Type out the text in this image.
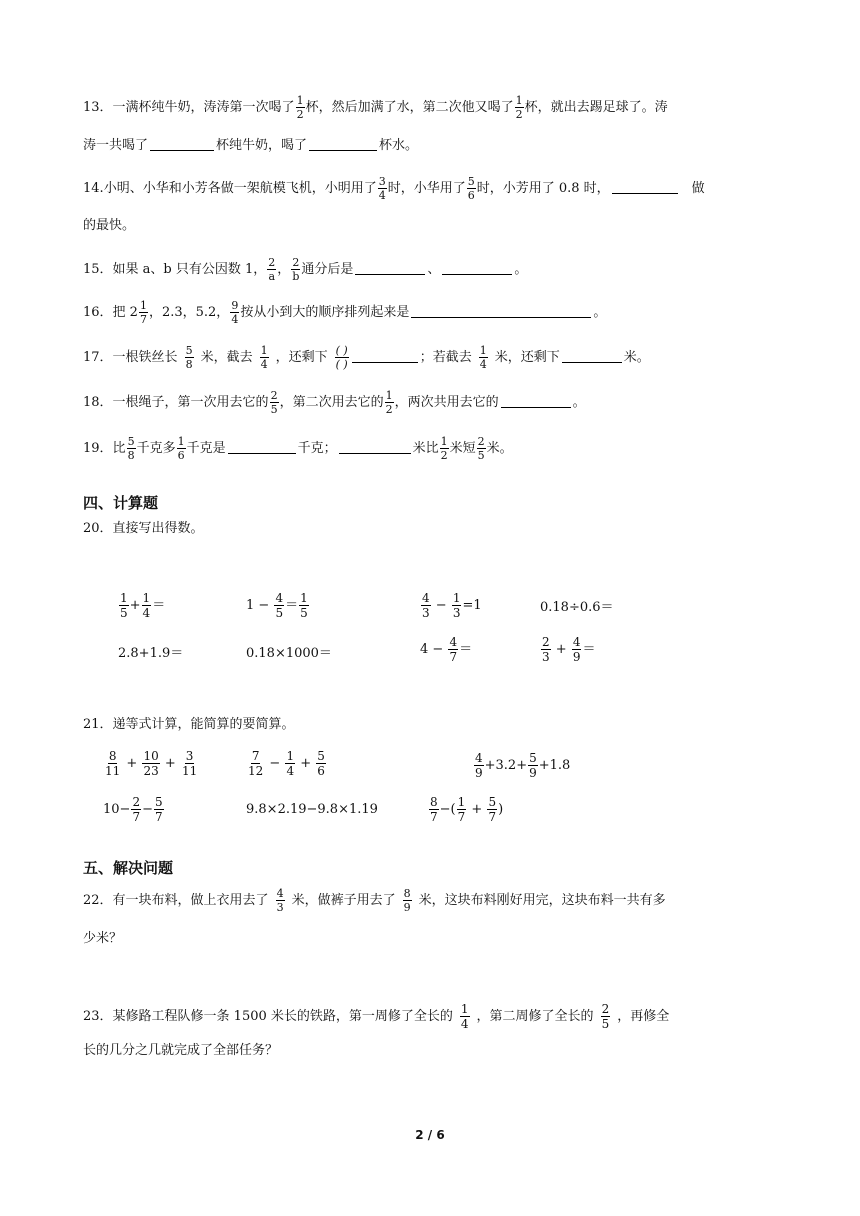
13．一满杯纯牛奶，涛涛第一次喝了 $\frac{1}{2}$ 杯，然后加满了水，第二次他又喝了 $\frac{1}{2}$ 杯，就出去踢足球了。涛
涛一共喝了	杯纯牛奶，喝了	杯水。
14.小明、小华和小芳各做一架航模飞机，小明用了 $\frac{3}{4}$ 时，小华用了 $\frac{5}{6}$ 时，小芳用了 0.8 时，	做
的最快。
15．如果 a、b 只有公因数 1， $\frac{2}{a}$ ， $\frac{2}{b}$ 通分后是	、	。
16．把 $2 \frac{1}{7}$ ，2.3，5.2， $\frac{9}{4}$ 按从小到大的顺序排列起来是	。
17．一根铁丝长 $\frac{5}{8}$ 米，截去 $\frac{1}{4}$ ，还剩下 ( )
( )	；若截去 $\frac{1}{4}$ 米，还剩下	米。
18．一根绳子，第一次用去它的 $\frac{2}{5}$ ，第二次用去它的 $\frac{1}{2}$ ，两次共用去它的	。
19．比 $\frac{5}{8}$ 千克多 $\frac{1}{6}$ 千克是	千克；	米比 $\frac{1}{2}$ 米短 $\frac{2}{5}$ 米。
四、计算题
20．直接写出得数。
$\frac{1}{5} + \frac{1}{4}$ ＝	$1 - \frac{4}{5} = \frac{1}{5}$	$\frac{4}{3} - \frac{1}{3} =1$	0.18÷0.6＝
2.8+1.9＝	0.18×1000＝	$4 - \frac{4}{7}$ ＝	$\frac{2}{3} + \frac{4}{9}$ ＝
21．递等式计算，能简算的要简算。
$\frac{8}{11} + \frac{10}{23} + \frac{3}{11}$	$\frac{7}{12} - \frac{1}{4} + \frac{5}{6}$	$\frac{4}{9} +3.2+ \frac{5}{9} +1.8$
$10- \frac{2}{7} - \frac{5}{7}$	9.8×2.19−9.8×1.19	$\frac{8}{7}$ −( $\frac{1}{7} + \frac{5}{7}$ )
五、解决问题
22．有一块布料，做上衣用去了 $\frac{4}{3}$ 米，做裤子用去了 $\frac{8}{9}$ 米，这块布料刚好用完，这块布料一共有多
少米？
23．某修路工程队修一条 1500 米长的铁路，第一周修了全长的 $\frac{1}{4}$ ，第二周修了全长的 $\frac{2}{5}$ ，再修全
长的几分之几就完成了全部任务？
2 / 6
